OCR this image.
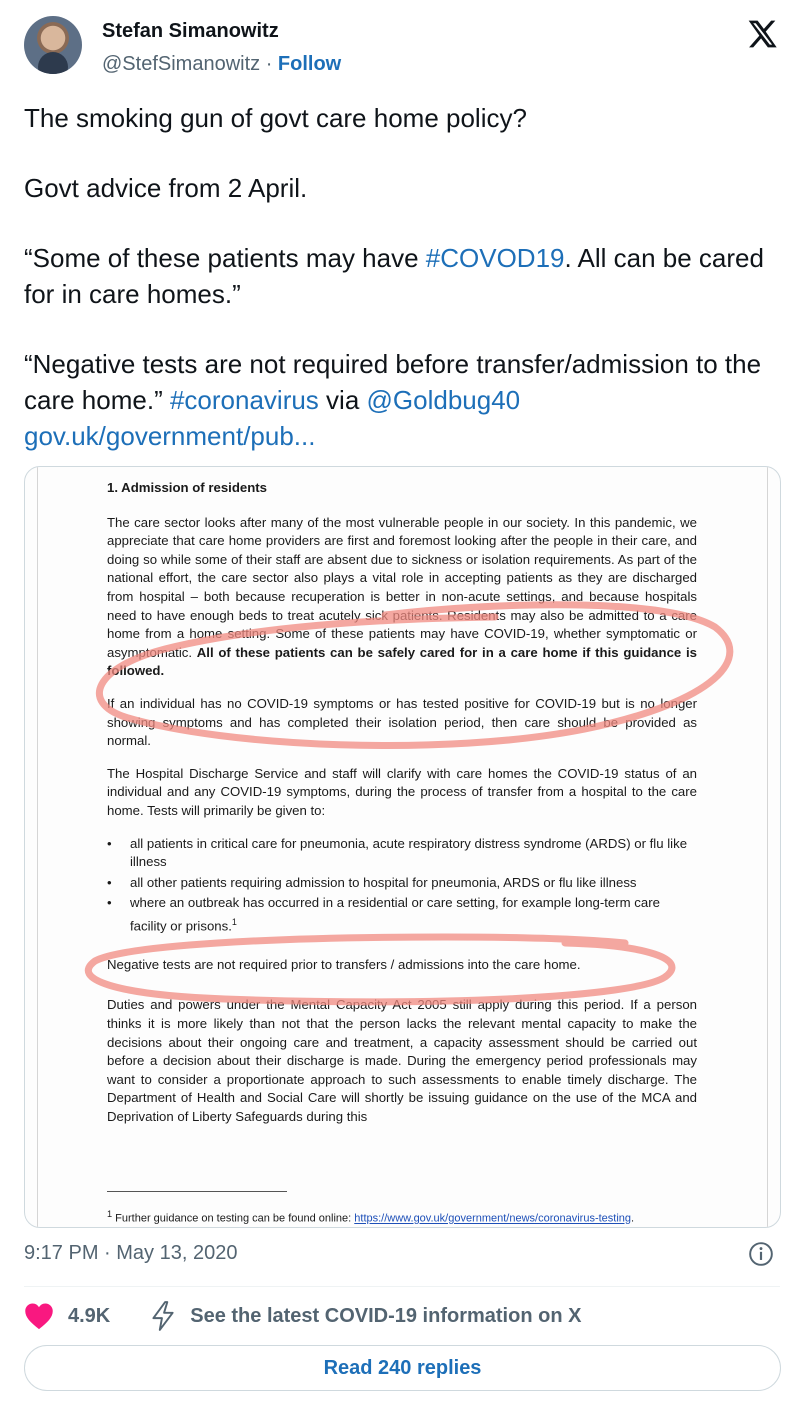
Stefan Simanowitz
@StefSimanowitz · Follow

The smoking gun of govt care home policy?

Govt advice from 2 April.

“Some of these patients may have #COVOD19. All can be cared for in care homes.”

“Negative tests are not required before transfer/admission to the care home.” #coronavirus via @Goldbug40
gov.uk/government/pub...

1. Admission of residents
The care sector looks after many of the most vulnerable people in our society. In this pandemic, we appreciate that care home providers are first and foremost looking after the people in their care, and doing so while some of their staff are absent due to sickness or isolation requirements. As part of the national effort, the care sector also plays a vital role in accepting patients as they are discharged from hospital – both because recuperation is better in non-acute settings, and because hospitals need to have enough beds to treat acutely sick patients. Residents may also be admitted to a care home from a home setting. Some of these patients may have COVID-19, whether symptomatic or asymptomatic. All of these patients can be safely cared for in a care home if this guidance is followed.
If an individual has no COVID-19 symptoms or has tested positive for COVID-19 but is no longer showing symptoms and has completed their isolation period, then care should be provided as normal.
The Hospital Discharge Service and staff will clarify with care homes the COVID-19 status of an individual and any COVID-19 symptoms, during the process of transfer from a hospital to the care home. Tests will primarily be given to:
• all patients in critical care for pneumonia, acute respiratory distress syndrome (ARDS) or flu like illness
• all other patients requiring admission to hospital for pneumonia, ARDS or flu like illness
• where an outbreak has occurred in a residential or care setting, for example long-term care facility or prisons.$^1$
Negative tests are not required prior to transfers / admissions into the care home.
Duties and powers under the Mental Capacity Act 2005 still apply during this period. If a person thinks it is more likely than not that the person lacks the relevant mental capacity to make the decisions about their ongoing care and treatment, a capacity assessment should be carried out before a decision about their discharge is made. During the emergency period professionals may want to consider a proportionate approach to such assessments to enable timely discharge. The Department of Health and Social Care will shortly be issuing guidance on the use of the MCA and Deprivation of Liberty Safeguards during this
$^1$ Further guidance on testing can be found online: https://www.gov.uk/government/news/coronavirus-testing.
9:17 PM · May 13, 2020
4.9K	See the latest COVID-19 information on X
Read 240 replies
